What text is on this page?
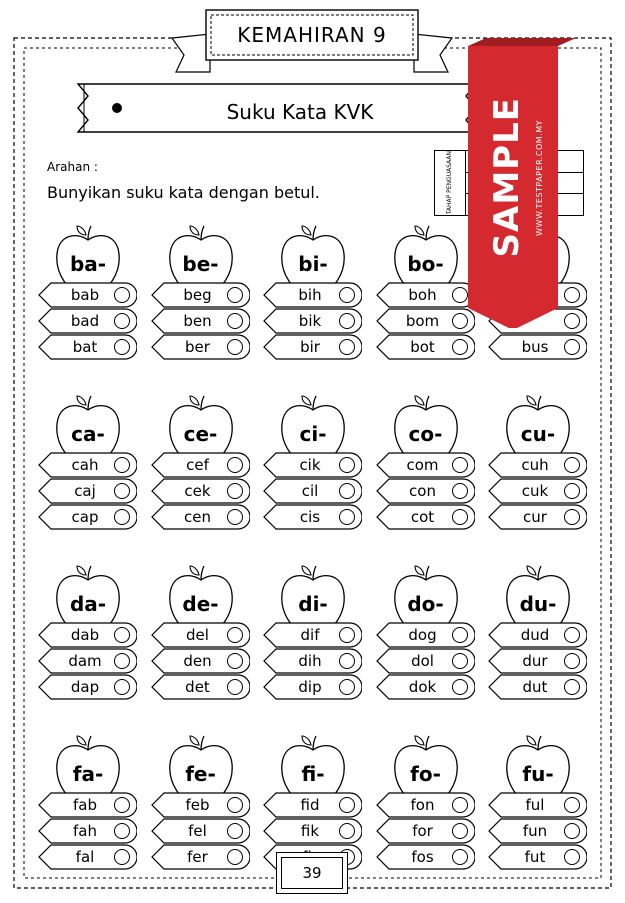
KEMAHIRAN 9
Suku Kata KVK
Arahan :
Bunyikan suku kata dengan betul.	TAHAP PENGUASAAN
ba-
bab
bad
bat
be-
beg
ben
ber
bi-
bih
bik
bir
bo-
boh
bom
bot	bus
ca-
cah
caj
cap
ce-
cef
cek
cen
ci-
cik
cil
cis
co-
com
con
cot
cu-
cuh
cuk
cur
da-
dab
dam
dap
de-
del
den
det
di-
dif
dih
dip
do-
dog
dol
dok
du-
dud
dur
dut
fa-
fab
fah
fal
fe-
feb
fel
fer
fi-
fid
fik
fo-
fon
for
fos
fu-
ful
fun
fut
39
SAMPLE WWW.TESTPAPER.COM.MY
